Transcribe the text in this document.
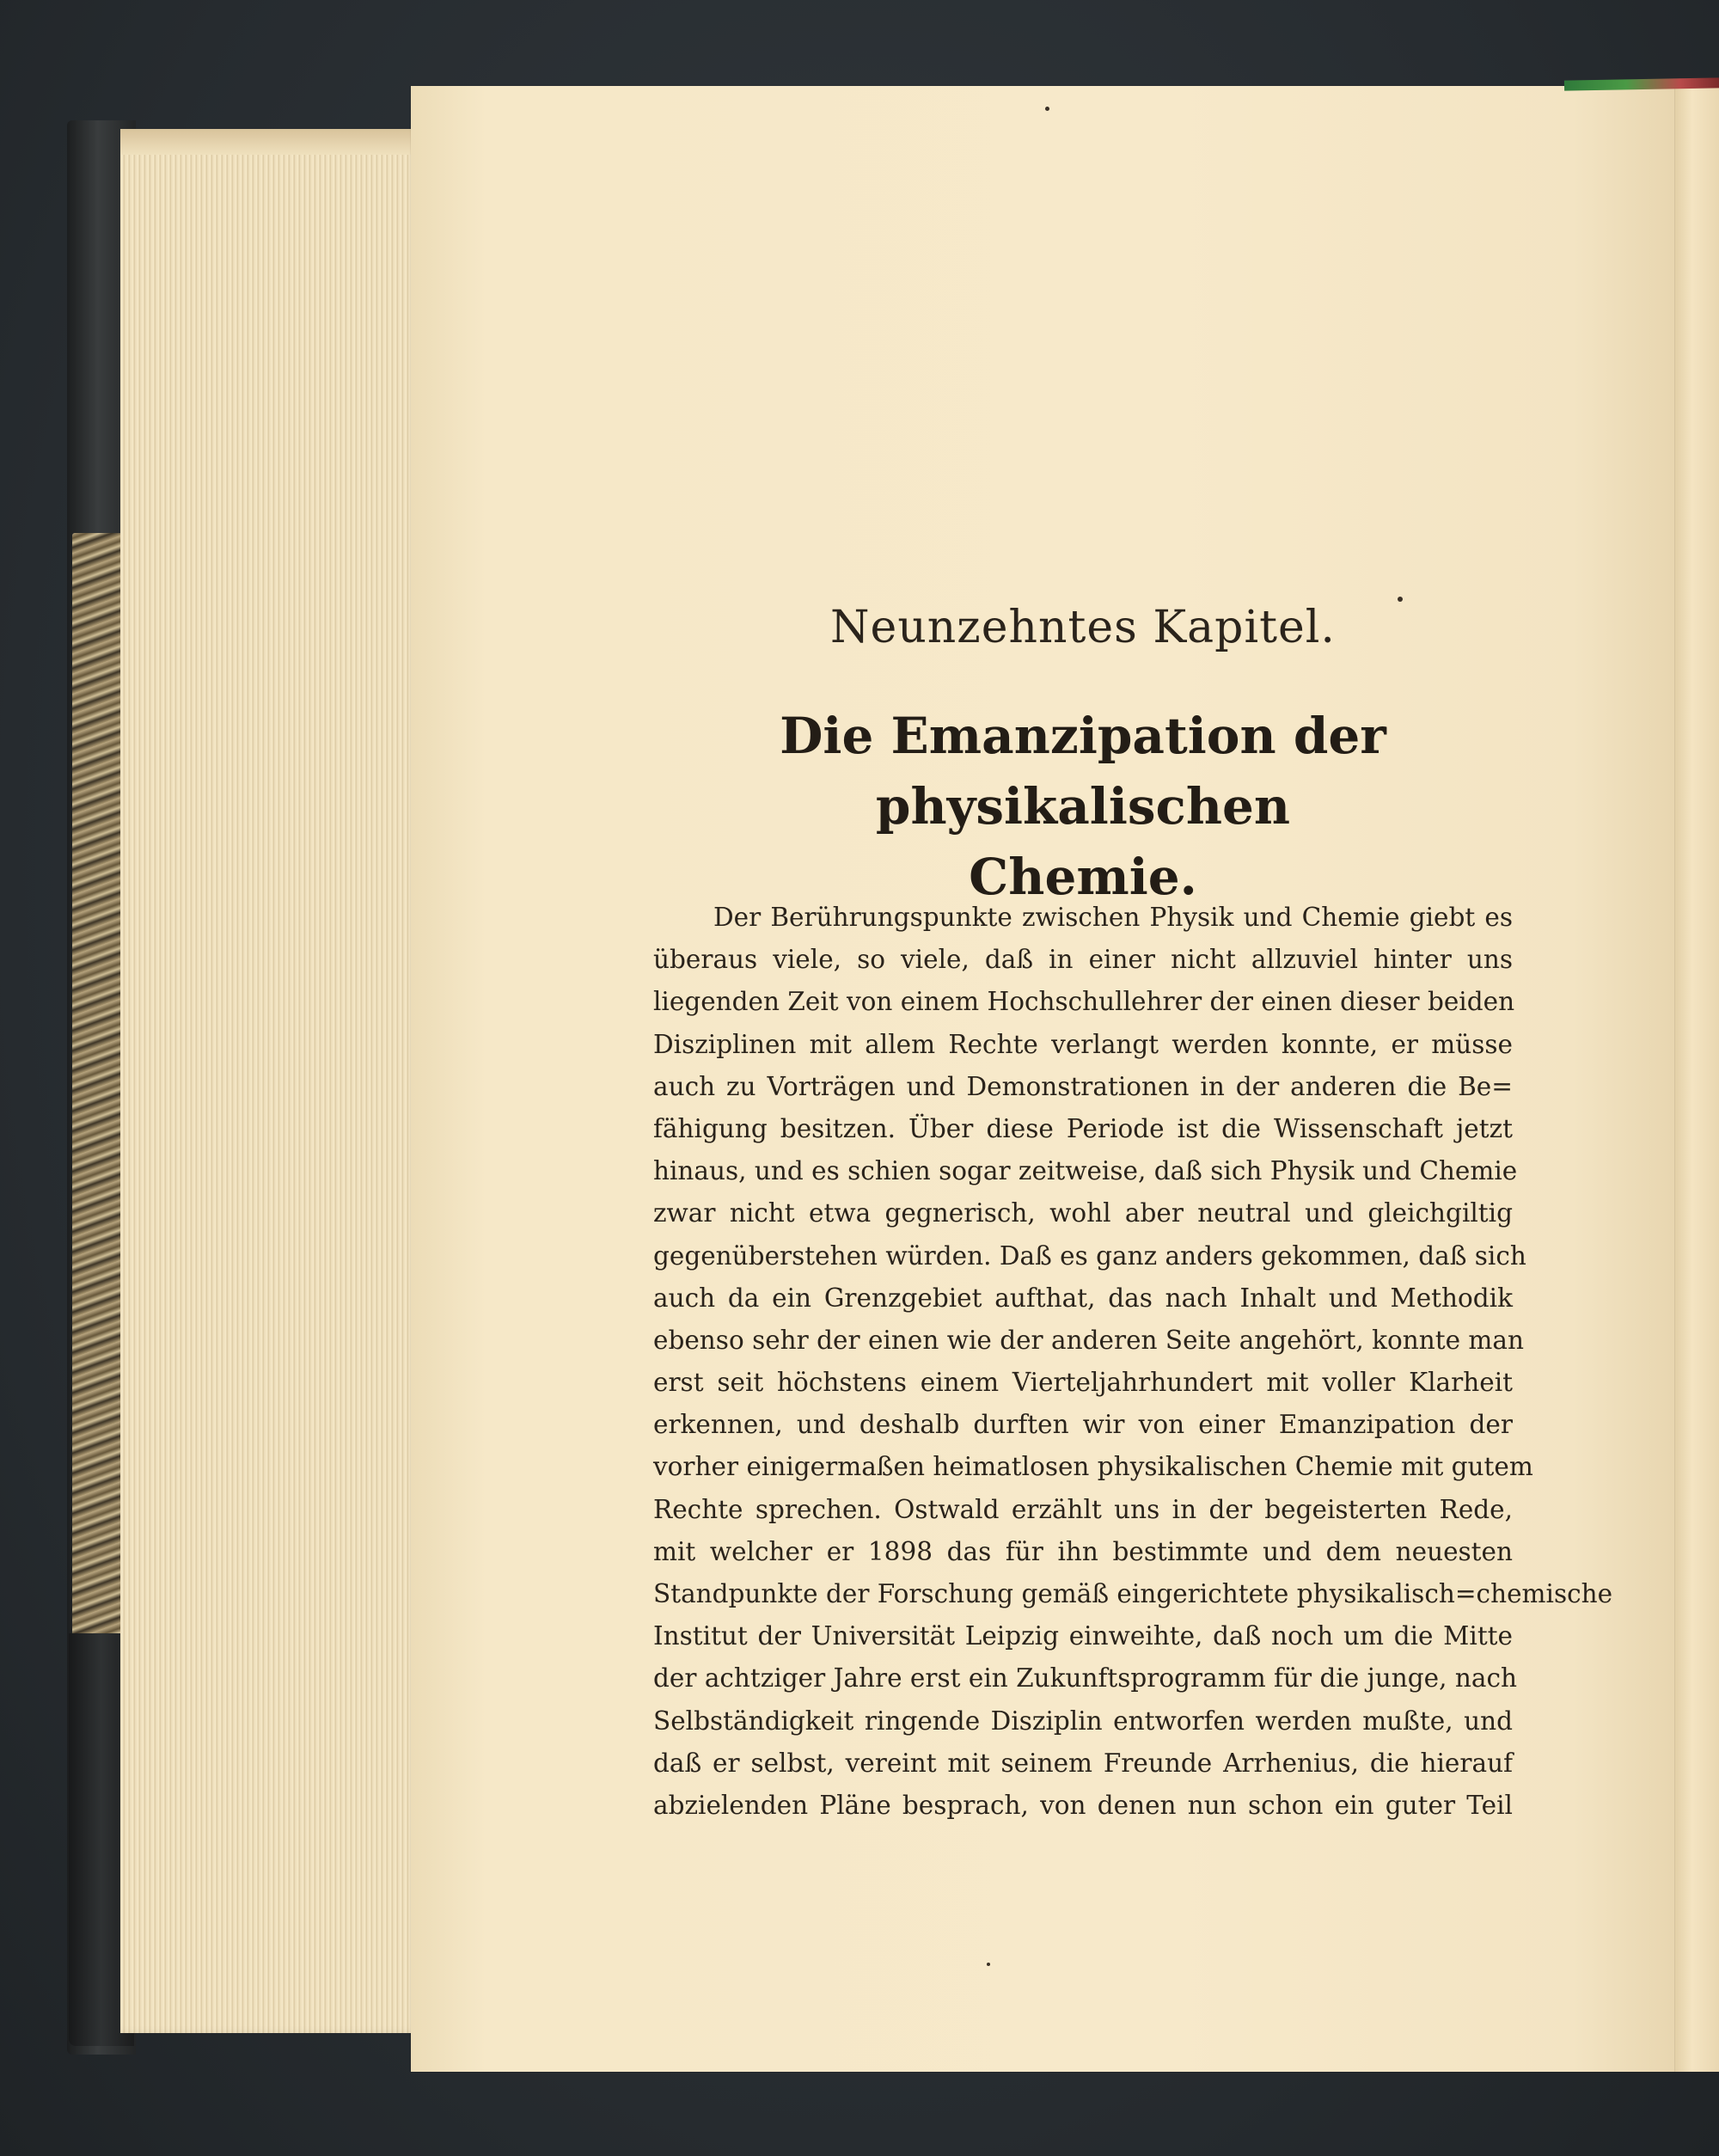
Neunzehntes Kapitel.
Die Emanzipation der physikalischen
Chemie.
Der Berührungspunkte zwischen Physik und Chemie giebt es
überaus viele, so viele, daß in einer nicht allzuviel hinter uns
liegenden Zeit von einem Hochschullehrer der einen dieser beiden
Disziplinen mit allem Rechte verlangt werden konnte, er müsse
auch zu Vorträgen und Demonstrationen in der anderen die Be=
fähigung besitzen. Über diese Periode ist die Wissenschaft jetzt
hinaus, und es schien sogar zeitweise, daß sich Physik und Chemie
zwar nicht etwa gegnerisch, wohl aber neutral und gleichgiltig
gegenüberstehen würden. Daß es ganz anders gekommen, daß sich
auch da ein Grenzgebiet aufthat, das nach Inhalt und Methodik
ebenso sehr der einen wie der anderen Seite angehört, konnte man
erst seit höchstens einem Vierteljahrhundert mit voller Klarheit
erkennen, und deshalb durften wir von einer Emanzipation der
vorher einigermaßen heimatlosen physikalischen Chemie mit gutem
Rechte sprechen. Ostwald erzählt uns in der begeisterten Rede,
mit welcher er 1898 das für ihn bestimmte und dem neuesten
Standpunkte der Forschung gemäß eingerichtete physikalisch=chemische
Institut der Universität Leipzig einweihte, daß noch um die Mitte
der achtziger Jahre erst ein Zukunftsprogramm für die junge, nach
Selbständigkeit ringende Disziplin entworfen werden mußte, und
daß er selbst, vereint mit seinem Freunde Arrhenius, die hierauf
abzielenden Pläne besprach, von denen nun schon ein guter Teil
